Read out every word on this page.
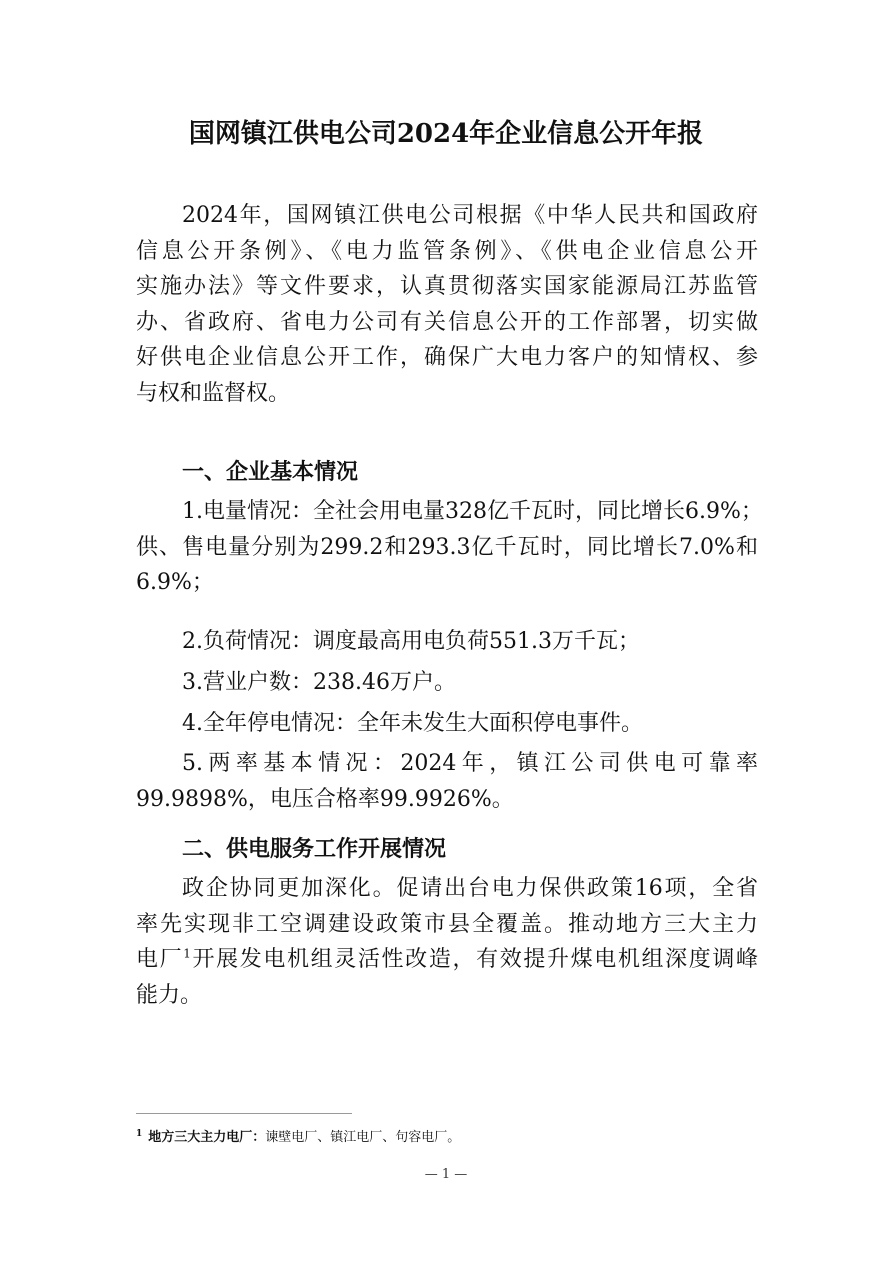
国网镇江供电公司2024年企业信息公开年报
2024年，国网镇江供电公司根据《中华人民共和国政府
信息公开条例》、《电力监管条例》、《供电企业信息公开
实施办法》等文件要求，认真贯彻落实国家能源局江苏监管
办、省政府、省电力公司有关信息公开的工作部署，切实做
好供电企业信息公开工作，确保广大电力客户的知情权、参
与权和监督权。
一、企业基本情况
1.电量情况：全社会用电量328亿千瓦时，同比增长6.9%；
供、售电量分别为299.2和293.3亿千瓦时，同比增长7.0%和
6.9%；
2.负荷情况：调度最高用电负荷551.3万千瓦；
3.营业户数：238.46万户。
4.全年停电情况：全年未发生大面积停电事件。
5.两率基本情况：2024年，镇江公司供电可靠率
99.9898%，电压合格率99.9926%。
二、供电服务工作开展情况
政企协同更加深化。促请出台电力保供政策16项，全省
率先实现非工空调建设政策市县全覆盖。推动地方三大主力
电厂$^1$开展发电机组灵活性改造，有效提升煤电机组深度调峰
能力。
$^1$ 地方三大主力电厂：谏壁电厂、镇江电厂、句容电厂。
— 1 —
